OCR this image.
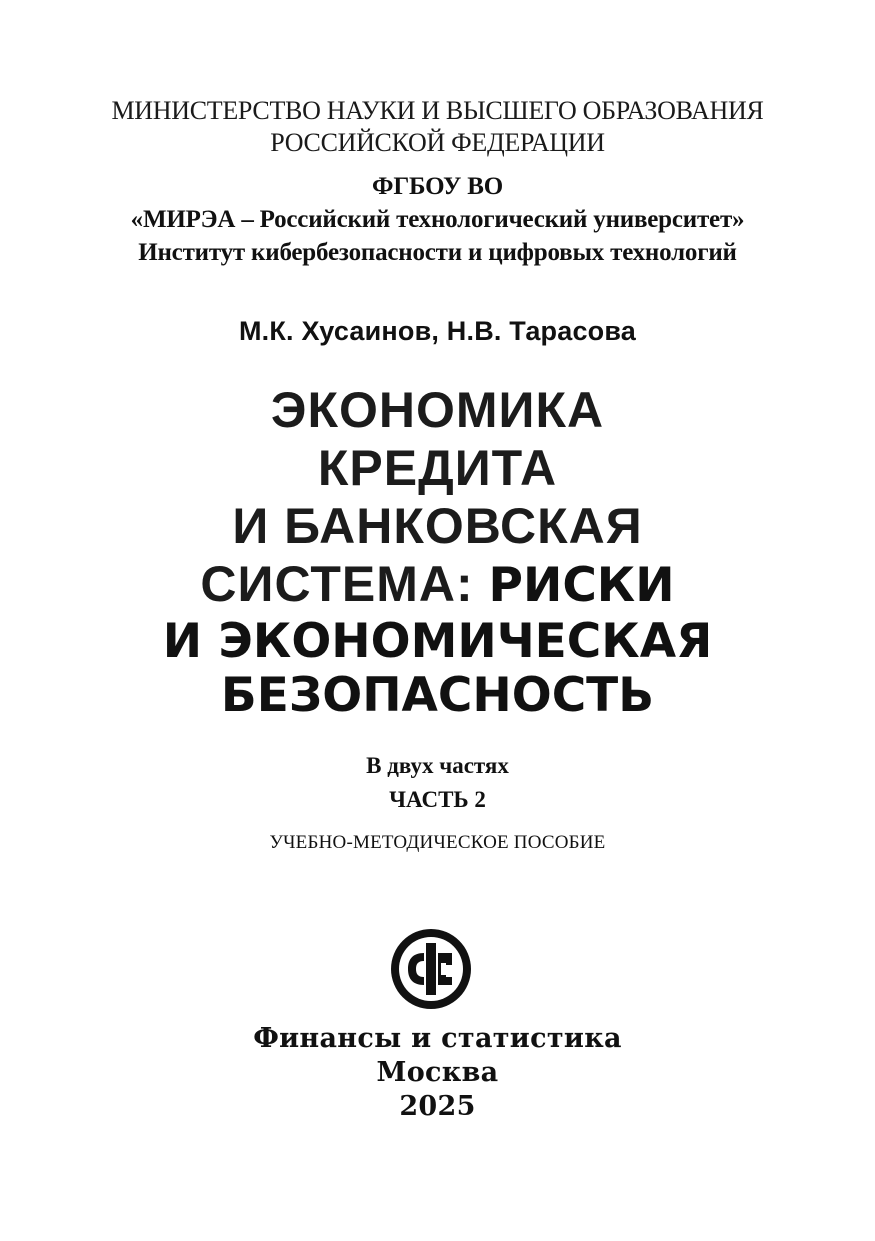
МИНИСТЕРСТВО НАУКИ И ВЫСШЕГО ОБРАЗОВАНИЯ
РОССИЙСКОЙ ФЕДЕРАЦИИ
ФГБОУ ВО
«МИРЭА – Российский технологический университет»
Институт кибербезопасности и цифровых технологий
М.К. Хусаинов, Н.В. Тарасова
ЭКОНОМИКА
КРЕДИТА
И БАНКОВСКАЯ
СИСТЕМА: РИСКИ
И ЭКОНОМИЧЕСКАЯ
БЕЗОПАСНОСТЬ
В двух частях
ЧАСТЬ 2
УЧЕБНО-МЕТОДИЧЕСКОЕ ПОСОБИЕ
Финансы и статистика
Москва
2025
